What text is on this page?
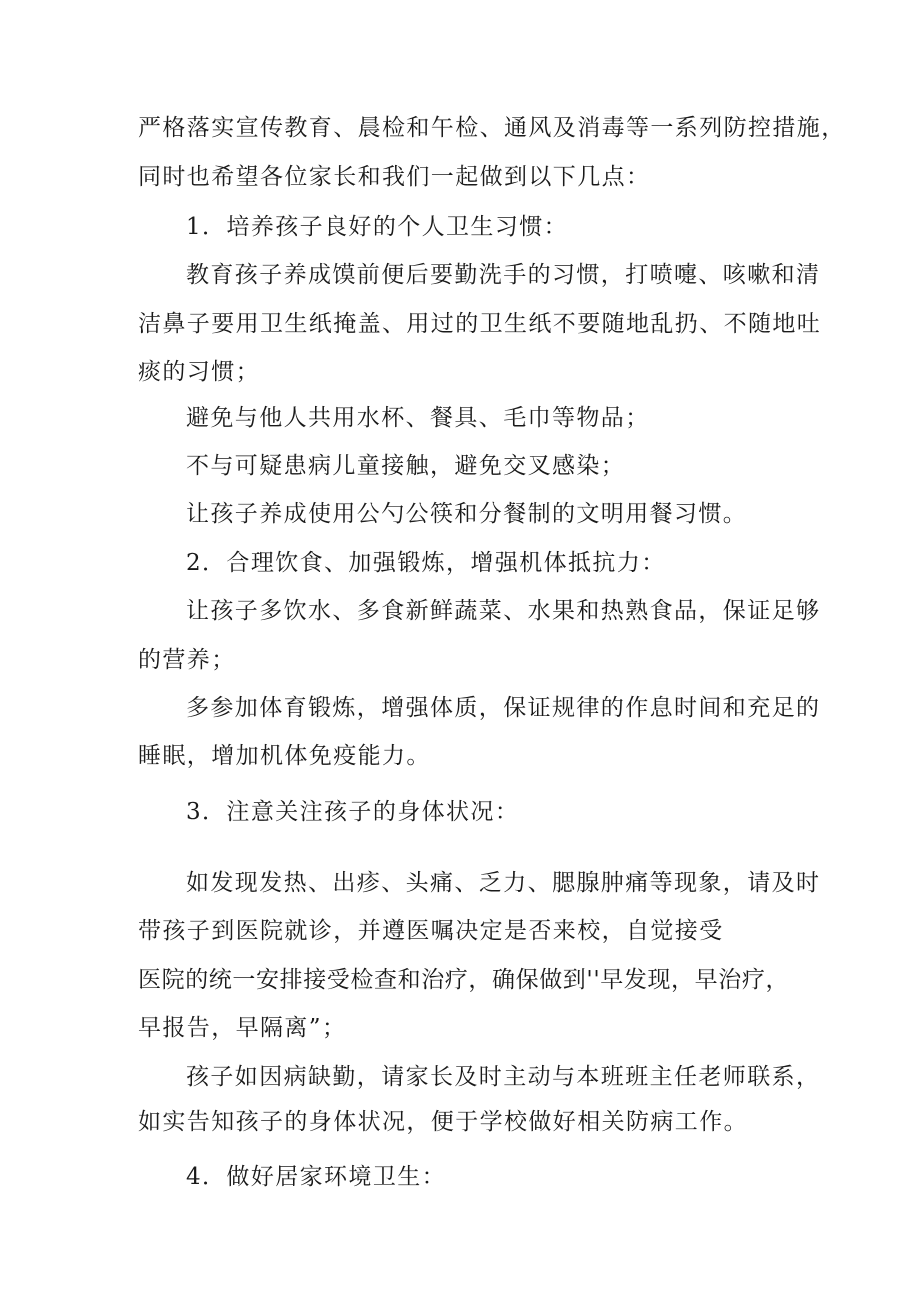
严格落实宣传教育、晨检和午检、通风及消毒等一系列防控措施，
同时也希望各位家长和我们一起做到以下几点：
1．培养孩子良好的个人卫生习惯：
教育孩子养成馍前便后要勤洗手的习惯，打喷嚏、咳嗽和清
洁鼻子要用卫生纸掩盖、用过的卫生纸不要随地乱扔、不随地吐
痰的习惯；
避免与他人共用水杯、餐具、毛巾等物品；
不与可疑患病儿童接触，避免交叉感染；
让孩子养成使用公勺公筷和分餐制的文明用餐习惯。
2．合理饮食、加强锻炼，增强机体抵抗力：
让孩子多饮水、多食新鲜蔬菜、水果和热熟食品，保证足够
的营养；
多参加体育锻炼，增强体质，保证规律的作息时间和充足的
睡眠，增加机体免疫能力。
3．注意关注孩子的身体状况：
如发现发热、出疹、头痛、乏力、腮腺肿痛等现象，请及时
带孩子到医院就诊，并遵医嘱决定是否来校，自觉接受
医院的统一安排接受检查和治疗，确保做到''早发现，早治疗，
早报告，早隔离”；
孩子如因病缺勤，请家长及时主动与本班班主任老师联系，
如实告知孩子的身体状况，便于学校做好相关防病工作。
4．做好居家环境卫生：
